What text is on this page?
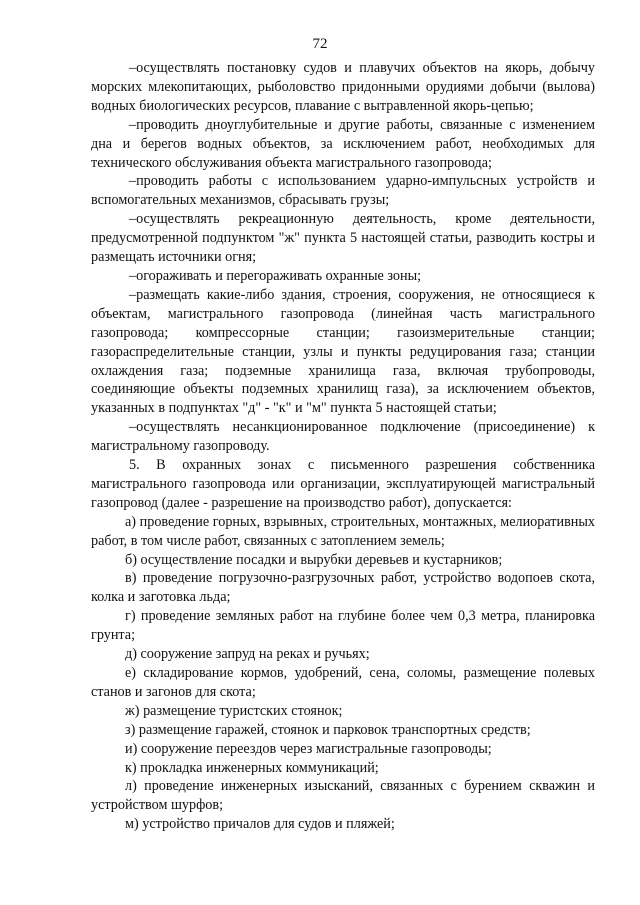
72

–осуществлять постановку судов и плавучих объектов на якорь, добычу морских млекопитающих, рыболовство придонными орудиями добычи (вылова) водных биологических ресурсов, плавание с вытравленной якорь-цепью;

–проводить дноуглубительные и другие работы, связанные с изменением дна и берегов водных объектов, за исключением работ, необходимых для технического обслуживания объекта магистрального газопровода;

–проводить работы с использованием ударно-импульсных устройств и вспомогательных механизмов, сбрасывать грузы;

–осуществлять рекреационную деятельность, кроме деятельности, предусмотренной подпунктом "ж" пункта 5 настоящей статьи, разводить костры и размещать источники огня;

–огораживать и перегораживать охранные зоны;

–размещать какие-либо здания, строения, сооружения, не относящиеся к объектам, магистрального газопровода (линейная часть магистрального газопровода; компрессорные станции; газоизмерительные станции; газораспределительные станции, узлы и пункты редуцирования газа; станции охлаждения газа; подземные хранилища газа, включая трубопроводы, соединяющие объекты подземных хранилищ газа), за исключением объектов, указанных в подпунктах "д" - "к" и "м" пункта 5 настоящей статьи;

–осуществлять несанкционированное подключение (присоединение) к магистральному газопроводу.

5. В охранных зонах с письменного разрешения собственника магистрального газопровода или организации, эксплуатирующей магистральный газопровод (далее - разрешение на производство работ), допускается:

а) проведение горных, взрывных, строительных, монтажных, мелиоративных работ, в том числе работ, связанных с затоплением земель;

б) осуществление посадки и вырубки деревьев и кустарников;

в) проведение погрузочно-разгрузочных работ, устройство водопоев скота, колка и заготовка льда;

г) проведение земляных работ на глубине более чем 0,3 метра, планировка грунта;

д) сооружение запруд на реках и ручьях;

е) складирование кормов, удобрений, сена, соломы, размещение полевых станов и загонов для скота;

ж) размещение туристских стоянок;

з) размещение гаражей, стоянок и парковок транспортных средств;

и) сооружение переездов через магистральные газопроводы;

к) прокладка инженерных коммуникаций;

л) проведение инженерных изысканий, связанных с бурением скважин и устройством шурфов;

м) устройство причалов для судов и пляжей;
